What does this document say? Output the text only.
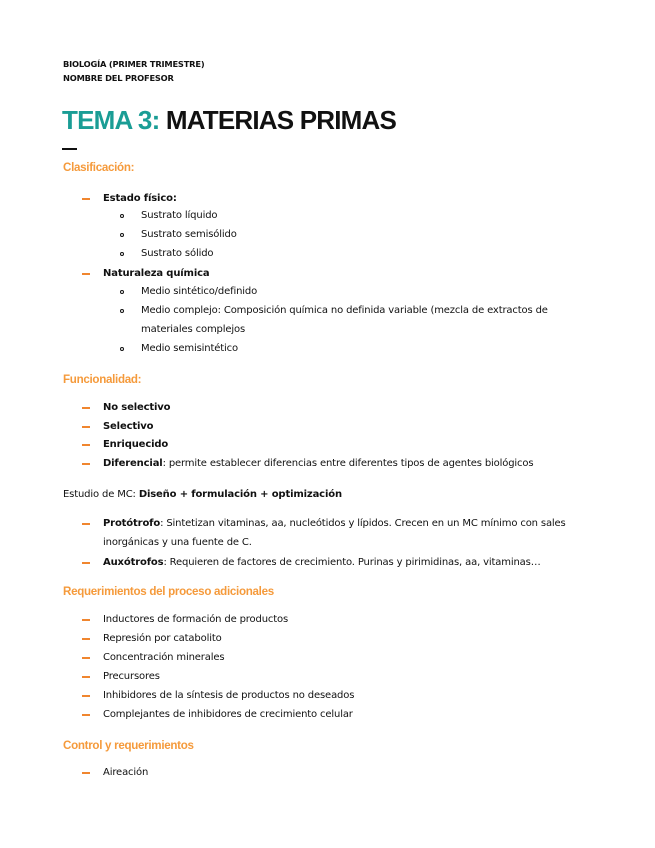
BIOLOGÍA (PRIMER TRIMESTRE)
NOMBRE DEL PROFESOR
TEMA 3: MATERIAS PRIMAS
Clasificación:
Estado físico:
Sustrato líquido
Sustrato semisólido
Sustrato sólido
Naturaleza química
Medio sintético/definido
Medio complejo: Composición química no definida variable (mezcla de extractos de
materiales complejos
Medio semisintético
Funcionalidad:
No selectivo
Selectivo
Enriquecido
Diferencial: permite establecer diferencias entre diferentes tipos de agentes biológicos
Estudio de MC: Diseño + formulación + optimización
Protótrofo: Sintetizan vitaminas, aa, nucleótidos y lípidos. Crecen en un MC mínimo con sales
inorgánicas y una fuente de C.
Auxótrofos: Requieren de factores de crecimiento. Purinas y pirimidinas, aa, vitaminas…
Requerimientos del proceso adicionales
Inductores de formación de productos
Represión por catabolito
Concentración minerales
Precursores
Inhibidores de la síntesis de productos no deseados
Complejantes de inhibidores de crecimiento celular
Control y requerimientos
Aireación
